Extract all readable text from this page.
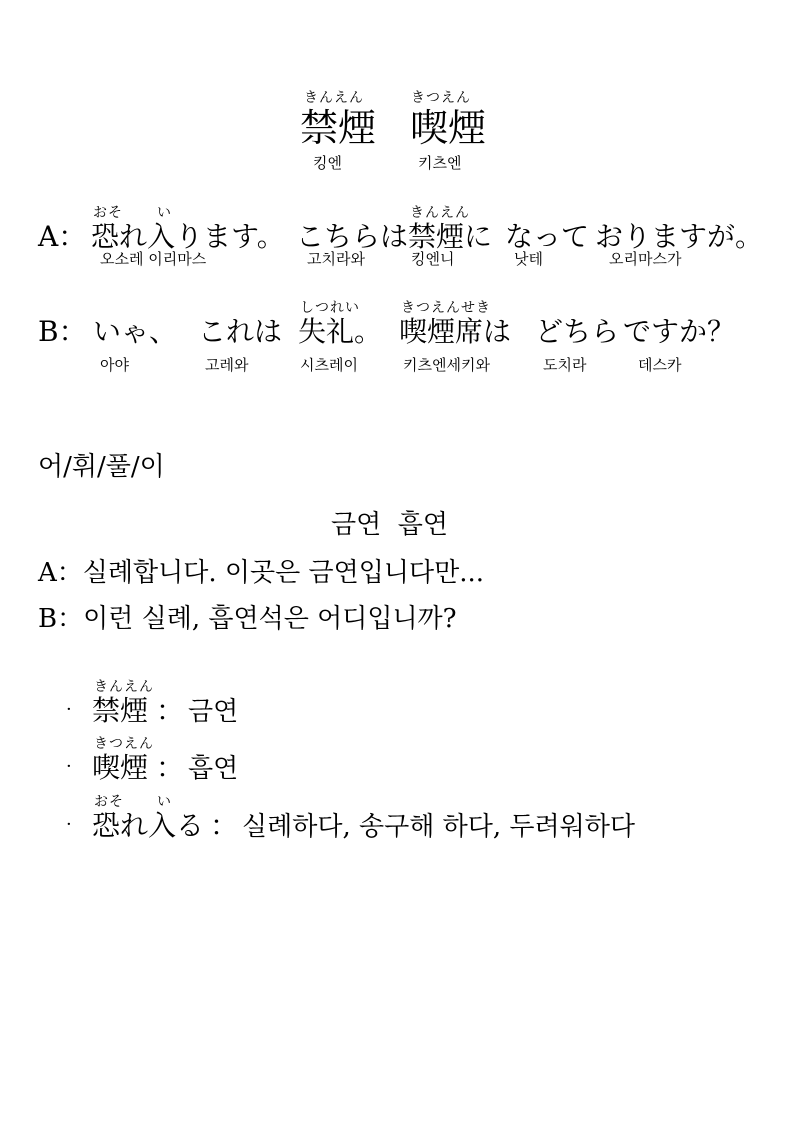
きんえん
禁煙
킹엔
きつえん
喫煙
키츠엔
A：
おそ い
恐れ入ります。
오소레 이리마스
こちらは
고치라와
きんえん
禁煙に
킹엔니
なって
낫테
おりますが。
오리마스가
B： いゃ、
아야
これは
고레와
しつれい
失礼。
시츠레이
きつえんせき
喫煙席は
키츠엔세키와
どちら
도치라
ですか？
데스카
어/휘/풀/이
금연  흡연
A：실례합니다. 이곳은 금연입니다만...
B：이런 실례, 흡연석은 어디입니까?
·
きんえん
禁煙 ： 금연
·
きつえん
喫煙 ： 흡연
·
おそ い
恐れ入る ： 실례하다, 송구해 하다, 두려워하다
